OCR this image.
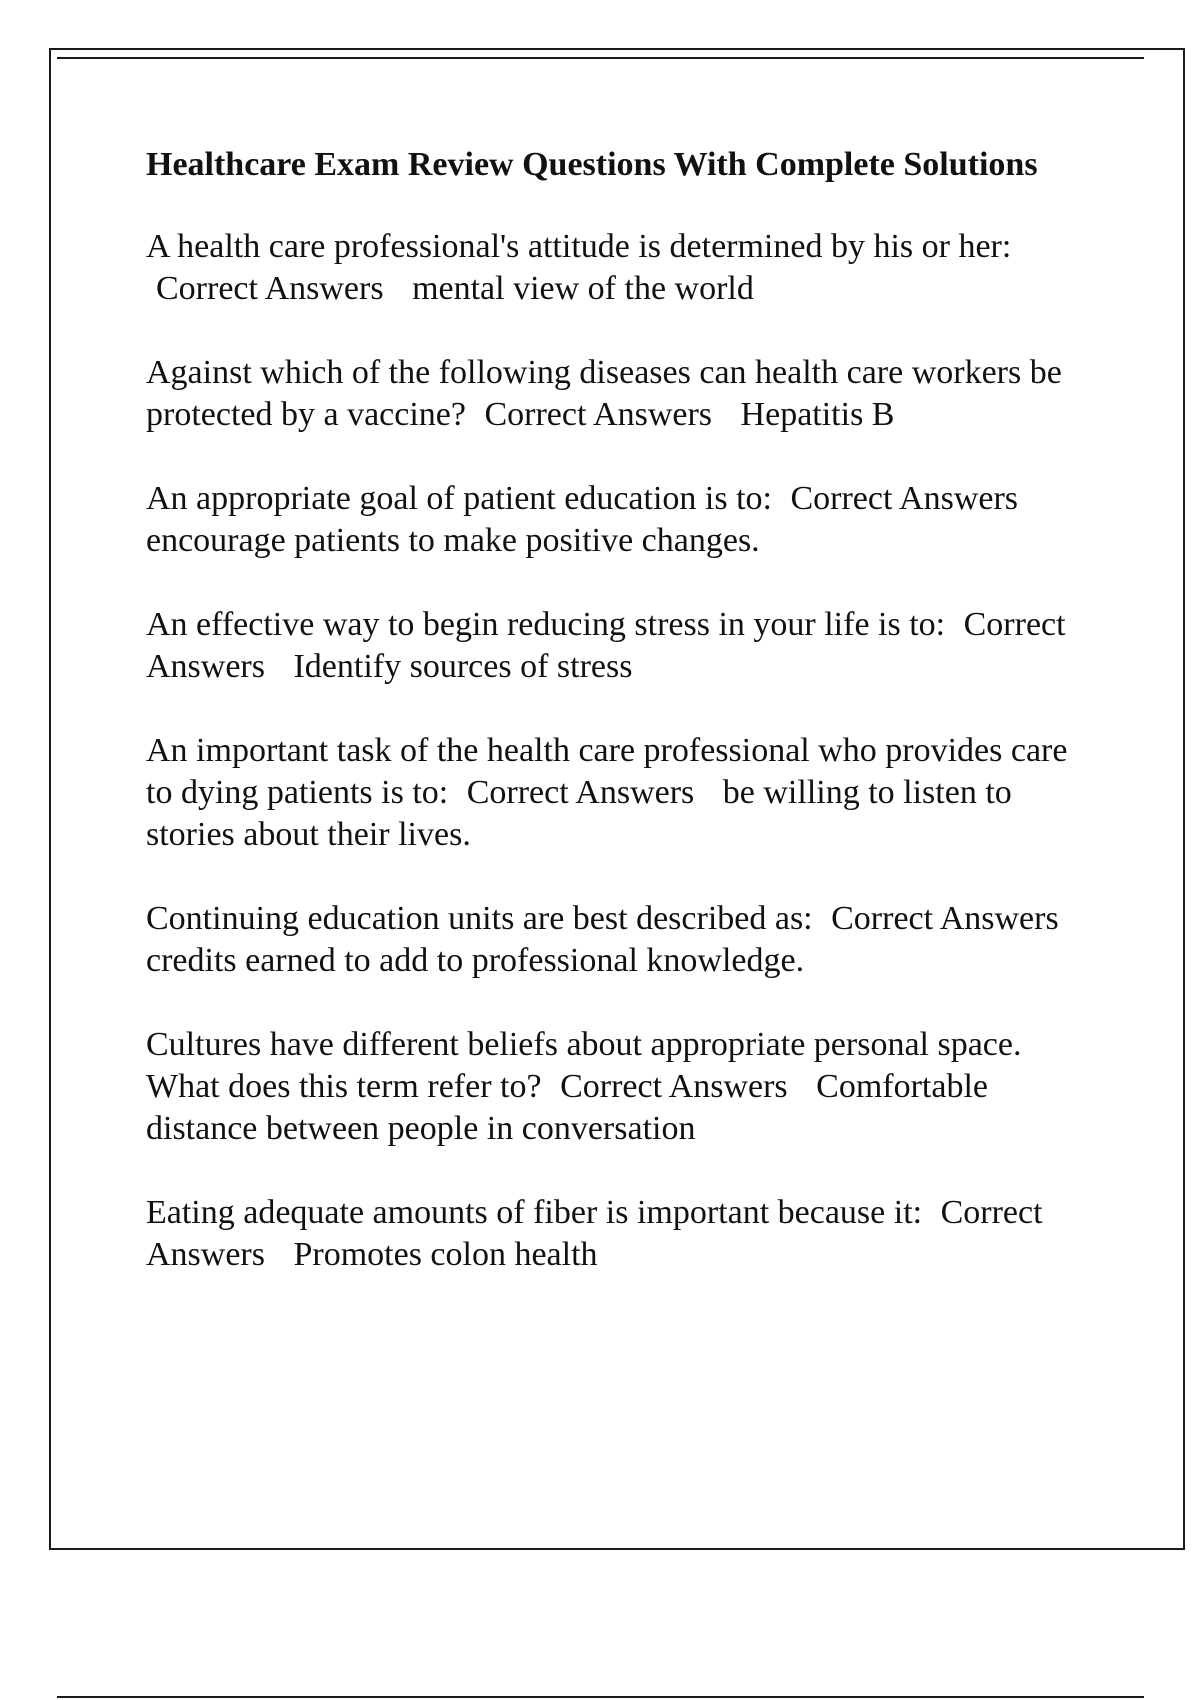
Healthcare Exam Review Questions With Complete Solutions
A health care professional's attitude is determined by his or her: Correct Answers mental view of the world
Against which of the following diseases can health care workers be protected by a vaccine? Correct Answers Hepatitis B
An appropriate goal of patient education is to: Correct Answers encourage patients to make positive changes.
An effective way to begin reducing stress in your life is to: Correct Answers Identify sources of stress
An important task of the health care professional who provides care to dying patients is to: Correct Answers be willing to listen to stories about their lives.
Continuing education units are best described as: Correct Answers credits earned to add to professional knowledge.
Cultures have different beliefs about appropriate personal space. What does this term refer to? Correct Answers Comfortable distance between people in conversation
Eating adequate amounts of fiber is important because it: Correct Answers Promotes colon health
